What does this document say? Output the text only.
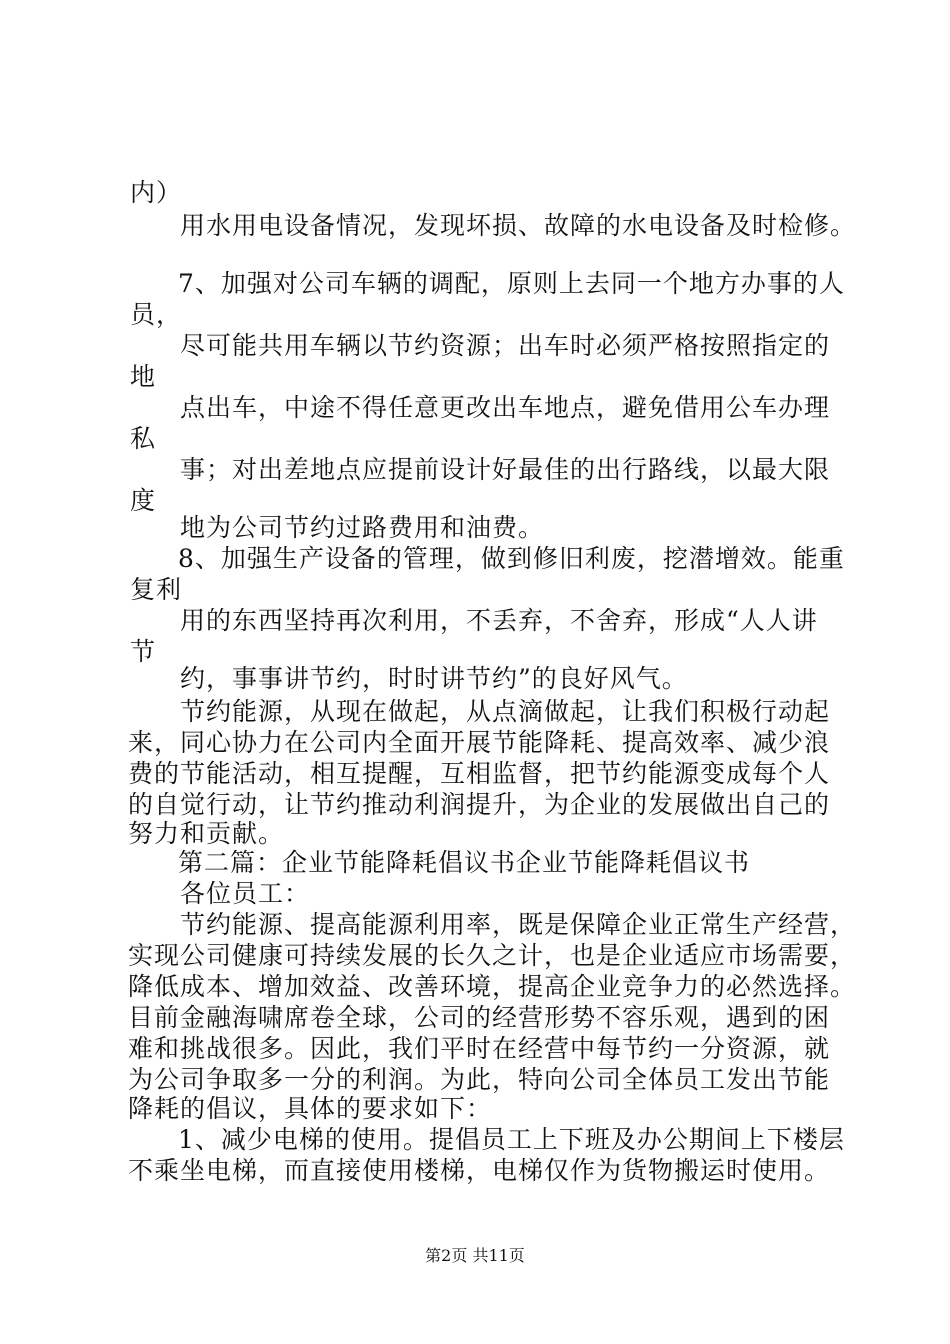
内）
用水用电设备情况，发现坏损、故障的水电设备及时检修。
7、加强对公司车辆的调配，原则上去同一个地方办事的人
员，
尽可能共用车辆以节约资源；出车时必须严格按照指定的
地
点出车，中途不得任意更改出车地点，避免借用公车办理
私
事；对出差地点应提前设计好最佳的出行路线，以最大限
度
地为公司节约过路费用和油费。
8、加强生产设备的管理，做到修旧利废，挖潜增效。能重
复利
用的东西坚持再次利用，不丢弃，不舍弃，形成“人人讲
节
约，事事讲节约，时时讲节约”的良好风气。
节约能源，从现在做起，从点滴做起，让我们积极行动起
来，同心协力在公司内全面开展节能降耗、提高效率、减少浪
费的节能活动，相互提醒，互相监督，把节约能源变成每个人
的自觉行动，让节约推动利润提升，为企业的发展做出自己的
努力和贡献。
第二篇：企业节能降耗倡议书企业节能降耗倡议书
各位员工：
节约能源、提高能源利用率，既是保障企业正常生产经营，
实现公司健康可持续发展的长久之计，也是企业适应市场需要，
降低成本、增加效益、改善环境，提高企业竞争力的必然选择。
目前金融海啸席卷全球，公司的经营形势不容乐观，遇到的困
难和挑战很多。因此，我们平时在经营中每节约一分资源，就
为公司争取多一分的利润。为此，特向公司全体员工发出节能
降耗的倡议，具体的要求如下：
1、减少电梯的使用。提倡员工上下班及办公期间上下楼层
不乘坐电梯，而直接使用楼梯，电梯仅作为货物搬运时使用。
第2页 共11页
